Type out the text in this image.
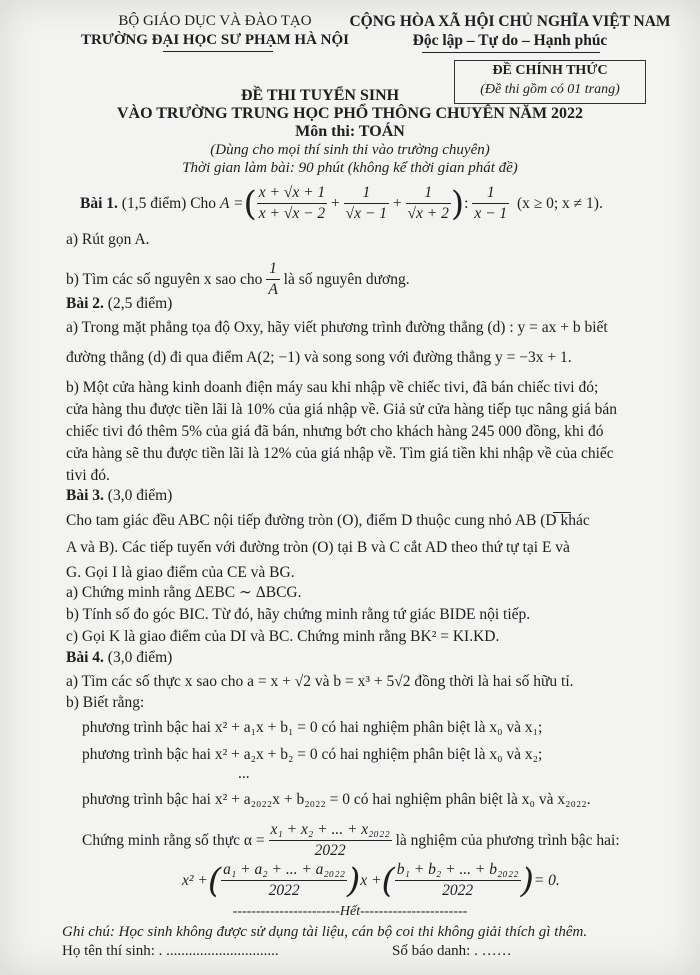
BỘ GIÁO DỤC VÀ ĐÀO TẠO
TRƯỜNG ĐẠI HỌC SƯ PHẠM HÀ NỘI
CỘNG HÒA XÃ HỘI CHỦ NGHĨA VIỆT NAM
Độc lập – Tự do – Hạnh phúc
ĐỀ CHÍNH THỨC
(Đề thi gồm có 01 trang)
ĐỀ THI TUYỂN SINH
VÀO TRƯỜNG TRUNG HỌC PHỔ THÔNG CHUYÊN NĂM 2022
Môn thi: TOÁN
(Dùng cho mọi thí sinh thi vào trường chuyên)
Thời gian làm bài: 90 phút (không kể thời gian phát đề)
Bài 1.
(1,5 điểm) Cho
A = ( $\frac{x + √x + 1}{x + √x - 2} + \frac{1}{√x - 1} + \frac{1}{√x + 2}$ ) : $\frac{1}{x - 1}$
(x ≥ 0; x ≠ 1).
a) Rút gọn A.
b) Tìm các số nguyên x sao cho
$\frac{1}{A}$
là số nguyên dương.
Bài 2. (2,5 điểm)
a) Trong mặt phẳng tọa độ Oxy, hãy viết phương trình đường thẳng (d) : y = ax + b biết
đường thẳng (d) đi qua điểm A(2; −1) và song song với đường thẳng y = −3x + 1.
b) Một cửa hàng kinh doanh điện máy sau khi nhập về chiếc tivi, đã bán chiếc tivi đó;
cửa hàng thu được tiền lãi là 10% của giá nhập về. Giả sử cửa hàng tiếp tục nâng giá bán
chiếc tivi đó thêm 5% của giá đã bán, nhưng bớt cho khách hàng 245 000 đồng, khi đó
cửa hàng sẽ thu được tiền lãi là 12% của giá nhập về. Tìm giá tiền khi nhập về của chiếc
tivi đó.
Bài 3. (3,0 điểm)
Cho tam giác đều ABC nội tiếp đường tròn (O), điểm D thuộc cung nhỏ AB (D khác
A và B). Các tiếp tuyến với đường tròn (O) tại B và C cắt AD theo thứ tự tại E và
G. Gọi I là giao điểm của CE và BG.
a) Chứng minh rằng ΔEBC ∼ ΔBCG.
b) Tính số đo góc BIC. Từ đó, hãy chứng minh rằng tứ giác BIDE nội tiếp.
c) Gọi K là giao điểm của DI và BC. Chứng minh rằng BK² = KI.KD.
Bài 4. (3,0 điểm)
a) Tìm các số thực x sao cho a = x + √2 và b = x³ + 5√2 đồng thời là hai số hữu tỉ.
b) Biết rằng:
phương trình bậc hai x² + a₁x + b₁ = 0 có hai nghiệm phân biệt là x₀ và x₁;
phương trình bậc hai x² + a₂x + b₂ = 0 có hai nghiệm phân biệt là x₀ và x₂;
...
phương trình bậc hai x² + a₂₀₂₂x + b₂₀₂₂ = 0 có hai nghiệm phân biệt là x₀ và x₂₀₂₂.
Chứng minh rằng số thực α =
$\frac{\text{x₁ + x₂ + ... + x₂₀₂₂}}{2022}$
là nghiệm của phương trình bậc hai:
x² + ( $\frac{\text{a₁ + a₂ + ... + a₂₀₂₂}}{2022}$ ) x + ( $\frac{\text{b₁ + b₂ + ... + b₂₀₂₂}}{2022}$ ) = 0.
-----------------------Hết-----------------------
Ghi chú: Học sinh không được sử dụng tài liệu, cán bộ coi thi không giải thích gì thêm.
Họ tên thí sinh: . ..............................	Số báo danh: . ……
